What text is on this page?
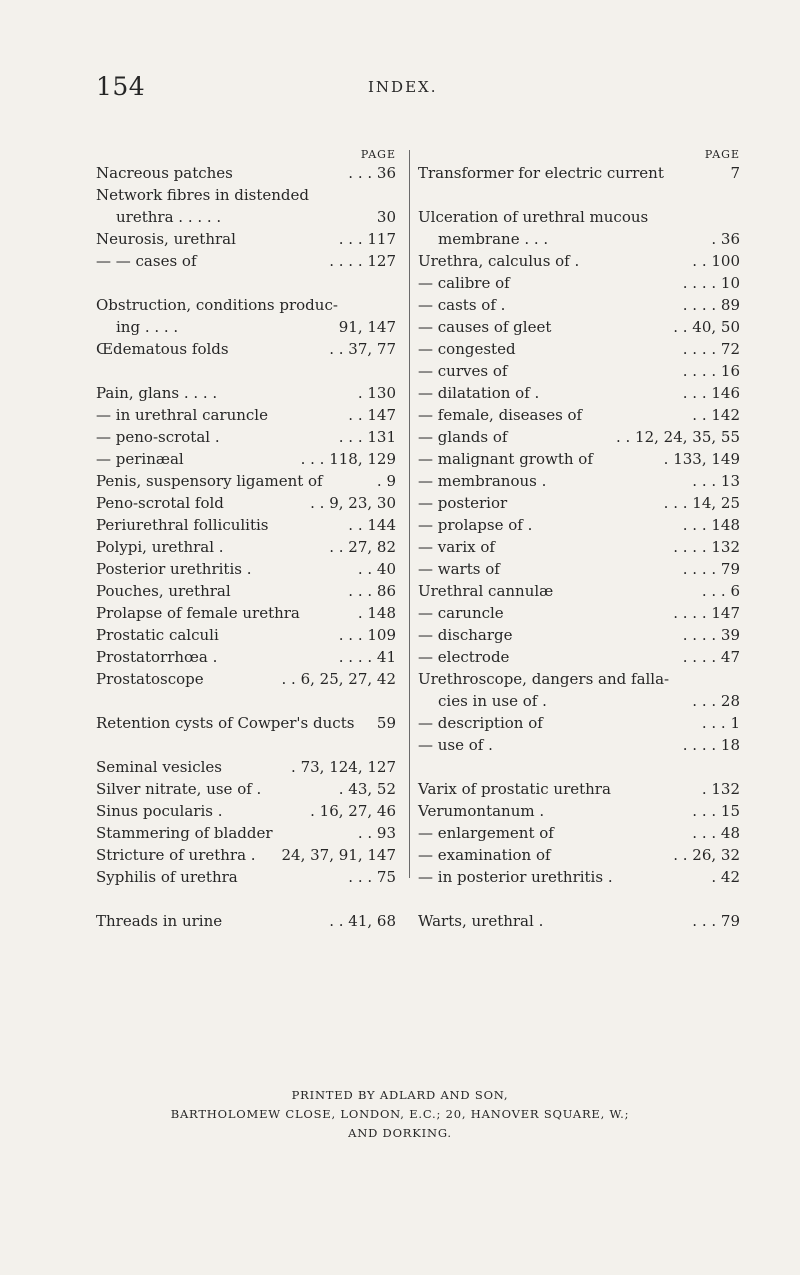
154	INDEX.
PAGE
Nacreous patches	. . . 36
Network fibres in distended
urethra . . . . .	30
Neurosis, urethral	. . . 117
— — cases of	. . . . 127
Obstruction, conditions produc-
ing . . . .	91, 147
Œdematous folds	. . 37, 77
Pain, glans . . . .	. 130
— in urethral caruncle	. . 147
— peno-scrotal .	. . . 131
— perinæal	. . . 118, 129
Penis, suspensory ligament of	. 9
Peno-scrotal fold	. . 9, 23, 30
Periurethral folliculitis	. . 144
Polypi, urethral .	. . 27, 82
Posterior urethritis .	. . 40
Pouches, urethral	. . . 86
Prolapse of female urethra	. 148
Prostatic calculi	. . . 109
Prostatorrhœa .	. . . . 41
Prostatoscope	. . 6, 25, 27, 42
Retention cysts of Cowper's ducts 59
Seminal vesicles	. 73, 124, 127
Silver nitrate, use of .	. 43, 52
Sinus pocularis .	. 16, 27, 46
Stammering of bladder	. . 93
Stricture of urethra . 24, 37, 91, 147
Syphilis of urethra	. . . 75
Threads in urine	. . 41, 68
PAGE
Transformer for electric current	7
Ulceration of urethral mucous
membrane . . .	. 36
Urethra, calculus of .	. . 100
— calibre of	. . . . 10
— casts of .	. . . . 89
— causes of gleet	. . 40, 50
— congested	. . . . 72
— curves of	. . . . 16
— dilatation of .	. . . 146
— female, diseases of	. . 142
— glands of	. . 12, 24, 35, 55
— malignant growth of	. 133, 149
— membranous .	. . . 13
— posterior	. . . 14, 25
— prolapse of .	. . . 148
— varix of	. . . . 132
— warts of	. . . . 79
Urethral cannulæ	. . . 6
— caruncle	. . . . 147
— discharge	. . . . 39
— electrode	. . . . 47
Urethroscope, dangers and falla-
cies in use of .	. . . 28
— description of	. . . 1
— use of .	. . . . 18
Varix of prostatic urethra	. 132
Verumontanum .	. . . 15
— enlargement of	. . . 48
— examination of	. . 26, 32
— in posterior urethritis .	. 42
Warts, urethral .	. . . 79
PRINTED BY ADLARD AND SON,
BARTHOLOMEW CLOSE, LONDON, E.C.; 20, HANOVER SQUARE, W.;
AND DORKING.
